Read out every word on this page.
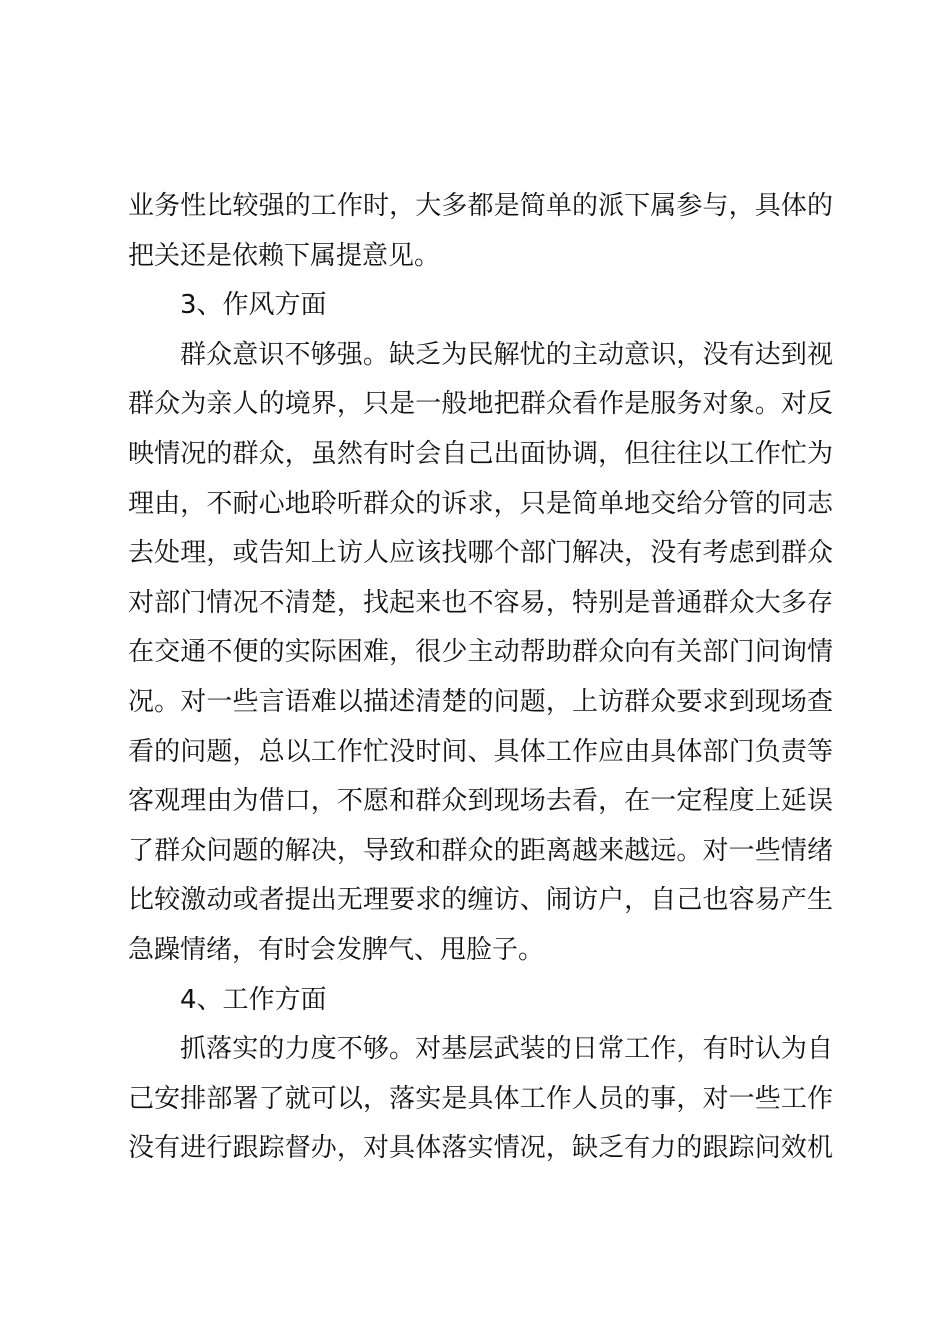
业务性比较强的工作时，大多都是简单的派下属参与，具体的
把关还是依赖下属提意见。
3、作风方面
群众意识不够强。缺乏为民解忧的主动意识，没有达到视
群众为亲人的境界，只是一般地把群众看作是服务对象。对反
映情况的群众，虽然有时会自己出面协调，但往往以工作忙为
理由，不耐心地聆听群众的诉求，只是简单地交给分管的同志
去处理，或告知上访人应该找哪个部门解决，没有考虑到群众
对部门情况不清楚，找起来也不容易，特别是普通群众大多存
在交通不便的实际困难，很少主动帮助群众向有关部门问询情
况。对一些言语难以描述清楚的问题，上访群众要求到现场查
看的问题，总以工作忙没时间、具体工作应由具体部门负责等
客观理由为借口，不愿和群众到现场去看，在一定程度上延误
了群众问题的解决，导致和群众的距离越来越远。对一些情绪
比较激动或者提出无理要求的缠访、闹访户，自己也容易产生
急躁情绪，有时会发脾气、甩脸子。
4、工作方面
抓落实的力度不够。对基层武装的日常工作，有时认为自
己安排部署了就可以，落实是具体工作人员的事，对一些工作
没有进行跟踪督办，对具体落实情况，缺乏有力的跟踪问效机
